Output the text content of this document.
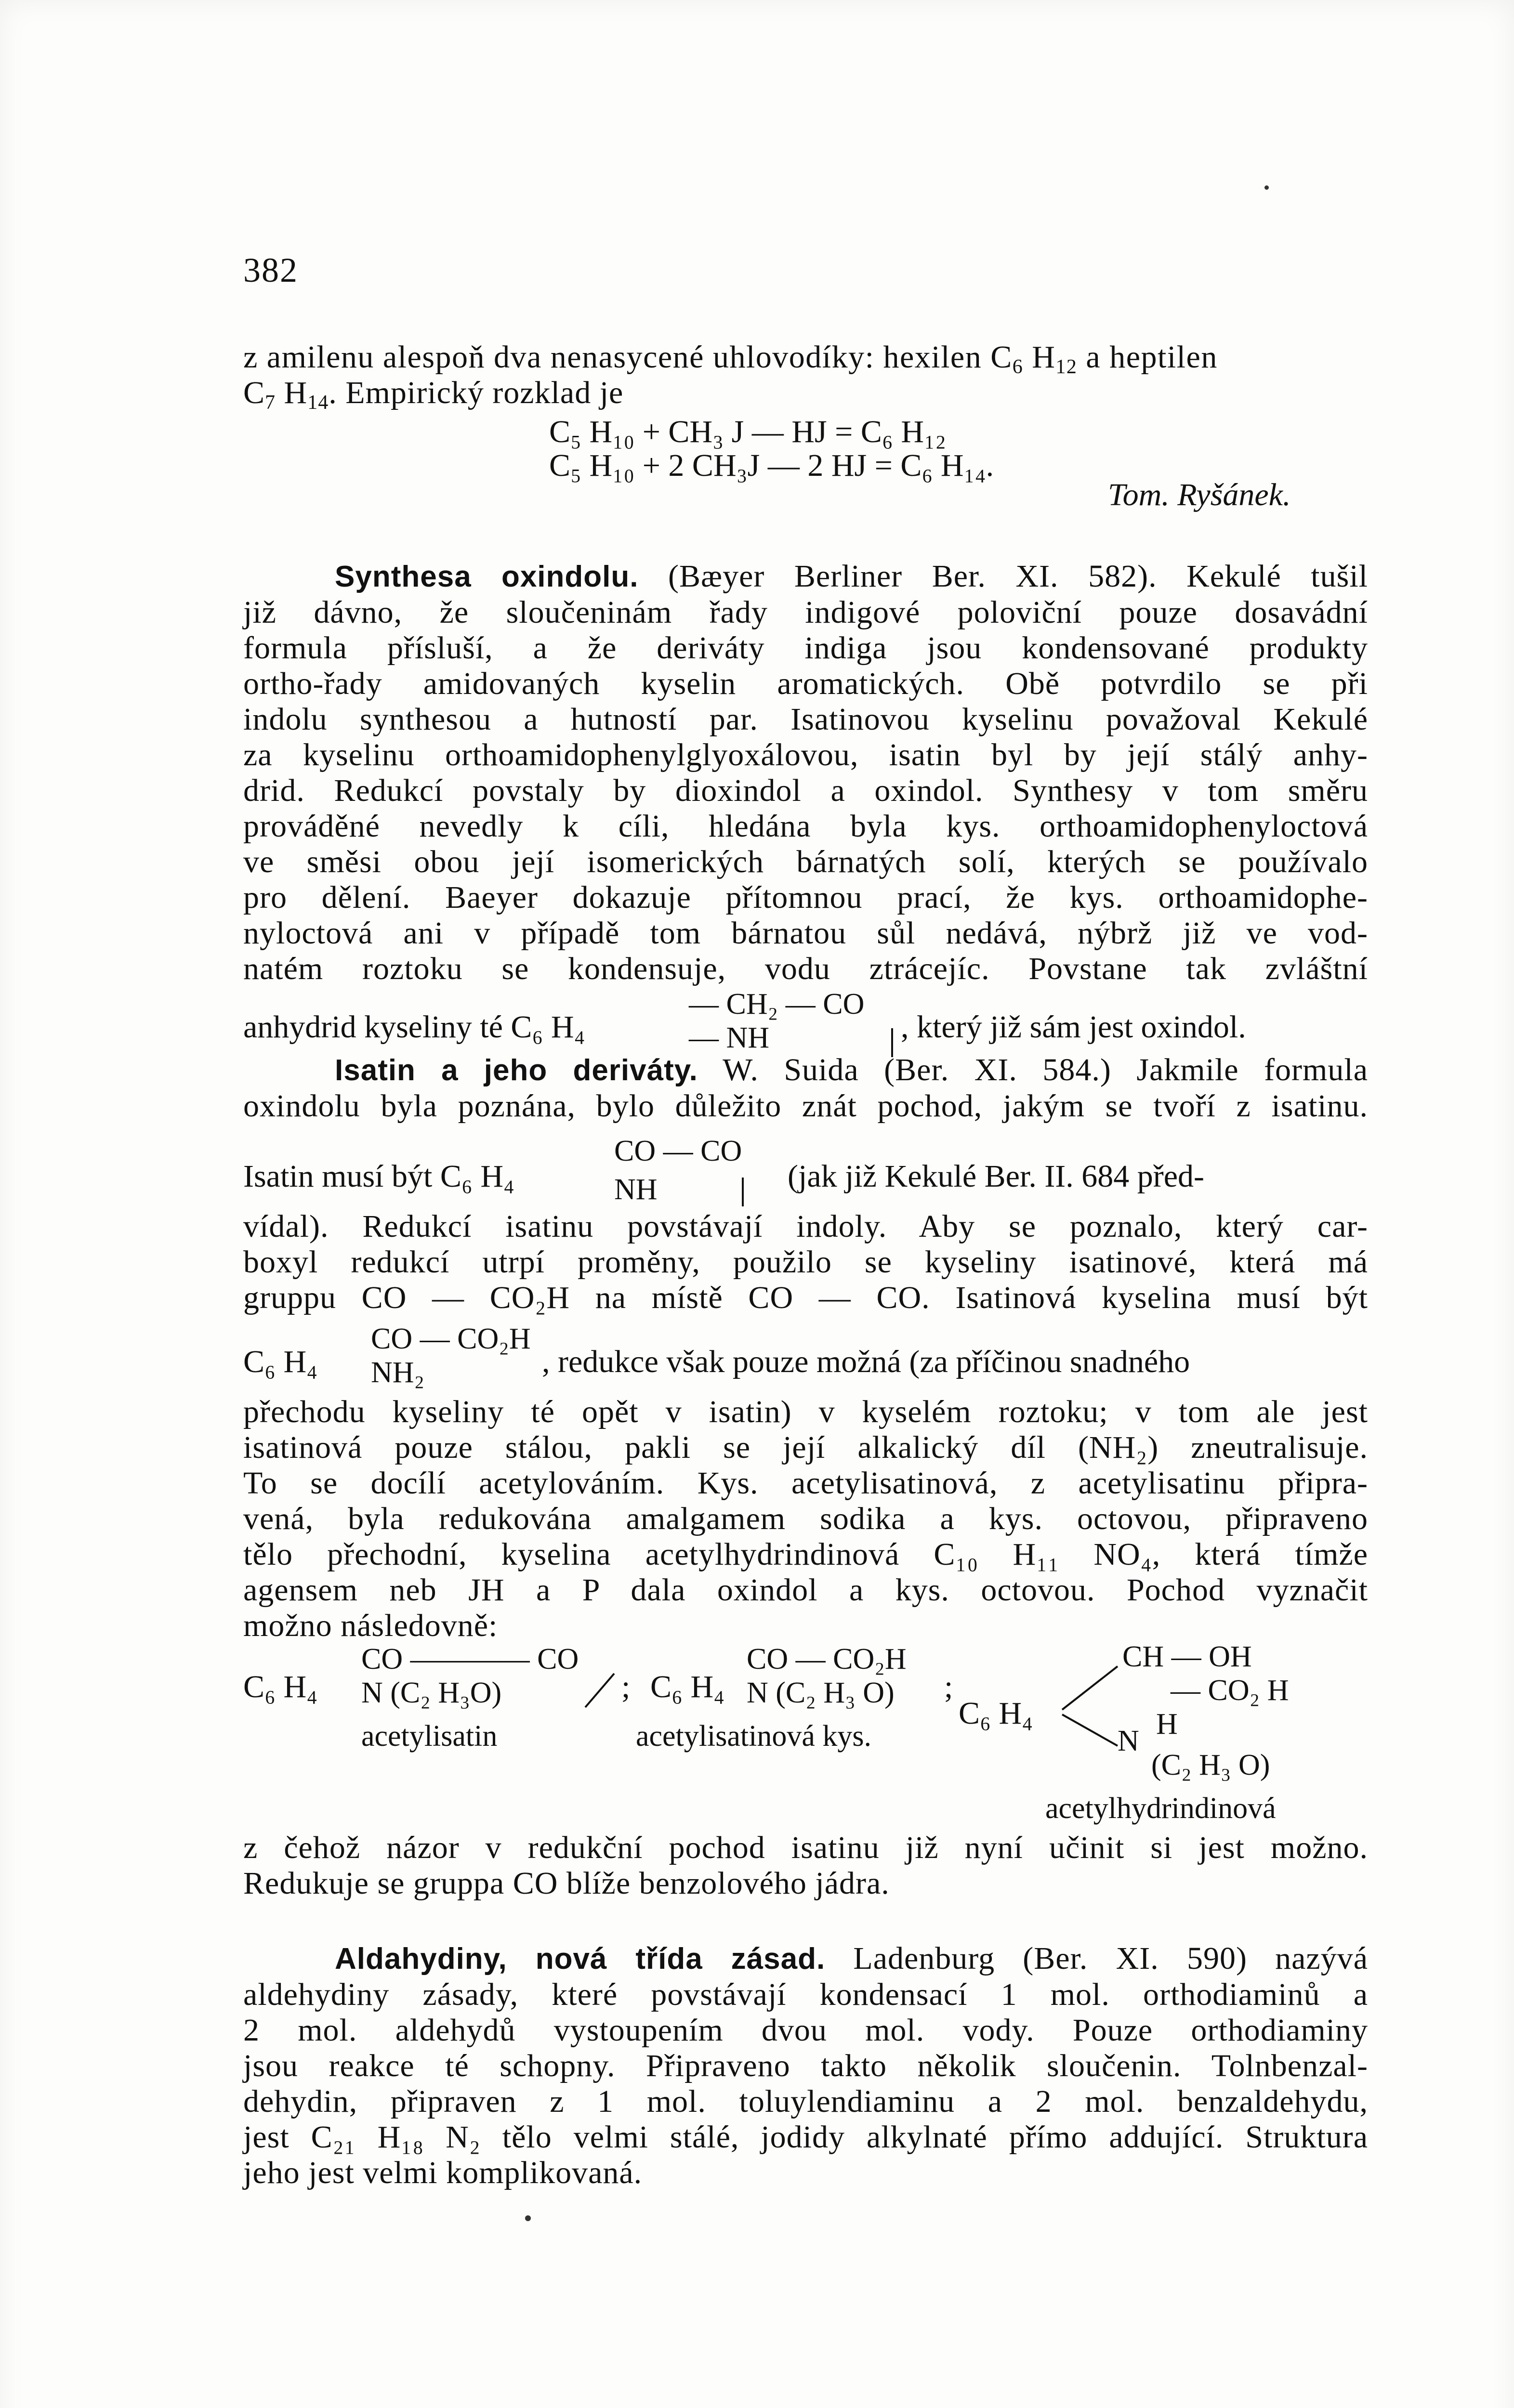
382
z amilenu alespoň dva nenasycené uhlovodíky: hexilen $C_6$ $H_{12}$ a heptilen
$C_7$ $H_{14}$. Empirický rozklad je
C₅ H₁₀ + CH₃ J — HJ = C₆ H₁₂
C₅ H₁₀ + 2 CH₃J — 2 HJ = C₆ H₁₄.
Tom. Ryšánek.
Synthesa oxindolu. (Bæyer Berliner Ber. XI. 582). Kekulé tušil
již dávno, že sloučeninám řady indigové poloviční pouze dosavádní
formula přísluší, a že deriváty indiga jsou kondensované produkty
ortho-řady amidovaných kyselin aromatických. Obě potvrdilo se při
indolu synthesou a hutností par. Isatinovou kyselinu považoval Kekulé
za kyselinu orthoamidophenylglyoxálovou, isatin byl by její stálý anhy-
drid. Redukcí povstaly by dioxindol a oxindol. Synthesy v tom směru
prováděné nevedly k cíli, hledána byla kys. orthoamidophenyloctová
ve směsi obou její isomerických bárnatých solí, kterých se používalo
pro dělení. Baeyer dokazuje přítomnou prací, že kys. orthoamidophe-
nyloctová ani v případě tom bárnatou sůl nedává, nýbrž již ve vod-
natém roztoku se kondensuje, vodu ztrácejíc. Povstane tak zvláštní
anhydrid kyseliny té C₆ H₄
— CH₂ — CO
— NH	, který již sám jest oxindol.
Isatin a jeho deriváty. W. Suida (Ber. XI. 584.) Jakmile formula
oxindolu byla poznána, bylo důležito znát pochod, jakým se tvoří z isatinu.
Isatin musí být C₆ H₄
CO — CO
NH	(jak již Kekulé Ber. II. 684 před-
vídal). Redukcí isatinu povstávají indoly. Aby se poznalo, který car-
boxyl redukcí utrpí proměny, použilo se kyseliny isatinové, která má
gruppu CO — CO₂H na místě CO — CO. Isatinová kyselina musí být
C₆ H₄
CO — CO₂H
NH₂	, redukce však pouze možná (za příčinou snadného
přechodu kyseliny té opět v isatin) v kyselém roztoku; v tom ale jest
isatinová pouze stálou, pakli se její alkalický díl (NH₂) zneutralisuje.
To se docílí acetylováním. Kys. acetylisatinová, z acetylisatinu připra-
vená, byla redukována amalgamem sodika a kys. octovou, připraveno
tělo přechodní, kyselina acetylhydrindinová C₁₀ H₁₁ NO₄, která tímže
agensem neb JH a P dala oxindol a kys. octovou. Pochod vyznačit
možno následovně:
C₆ H₄
CO ———— CO
N (C₂ H₃O)
acetylisatin
; C₆ H₄
CO — CO₂H
N (C₂ H₃ O)
acetylisatinová kys.
;
C₆ H₄
CH — OH
— CO₂ H
N
H
(C₂ H₃ O)
acetylhydrindinová
z čehož názor v redukční pochod isatinu již nyní učinit si jest možno.
Redukuje se gruppa CO blíže benzolového jádra.
Aldahydiny, nová třída zásad. Ladenburg (Ber. XI. 590) nazývá
aldehydiny zásady, které povstávají kondensací 1 mol. orthodiaminů a
2 mol. aldehydů vystoupením dvou mol. vody. Pouze orthodiaminy
jsou reakce té schopny. Připraveno takto několik sloučenin. Tolnbenzal-
dehydin, připraven z 1 mol. toluylendiaminu a 2 mol. benzaldehydu,
jest C₂₁ H₁₈ N₂ tělo velmi stálé, jodidy alkylnaté přímo addující. Struktura
jeho jest velmi komplikovaná.
